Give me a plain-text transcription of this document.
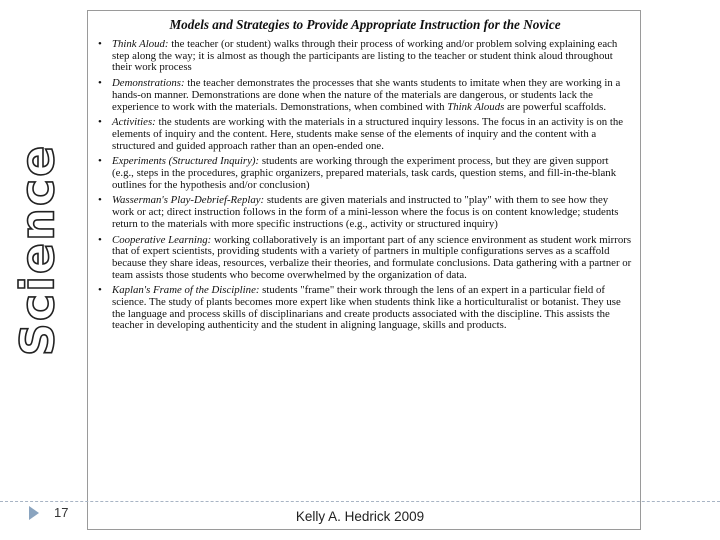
Science
Models and Strategies to Provide Appropriate Instruction for the Novice
• Think Aloud: the teacher (or student) walks through their process of working and/or problem solving explaining each step along the way; it is almost as though the participants are listing to the teacher or student think aloud throughout their work process
• Demonstrations: the teacher demonstrates the processes that she wants students to imitate when they are working in a hands-on manner. Demonstrations are done when the nature of the materials are dangerous, or students lack the experience to work with the materials. Demonstrations, when combined with Think Alouds are powerful scaffolds.
• Activities: the students are working with the materials in a structured inquiry lessons. The focus in an activity is on the elements of inquiry and the content. Here, students make sense of the elements of inquiry and the content with a structured and guided approach rather than an open-ended one.
• Experiments (Structured Inquiry): students are working through the experiment process, but they are given support (e.g., steps in the procedures, graphic organizers, prepared materials, task cards, question stems, and fill-in-the-blank outlines for the hypothesis and/or conclusion)
• Wasserman's Play-Debrief-Replay: students are given materials and instructed to "play" with them to see how they work or act; direct instruction follows in the form of a mini-lesson where the focus is on content knowledge; students return to the materials with more specific instructions (e.g., activity or structured inquiry)
• Cooperative Learning: working collaboratively is an important part of any science environment as student work mirrors that of expert scientists, providing students with a variety of partners in multiple configurations serves as a scaffold because they share ideas, resources, verbalize their theories, and formulate conclusions. Data gathering with a partner or team assists those students who become overwhelmed by the organization of data.
• Kaplan's Frame of the Discipline: students "frame" their work through the lens of an expert in a particular field of science. The study of plants becomes more expert like when students think like a horticulturalist or botanist. They use the language and process skills of disciplinarians and create products associated with the discipline. This assists the teacher in developing authenticity and the student in aligning language, skills and products.
17	Kelly A. Hedrick 2009
